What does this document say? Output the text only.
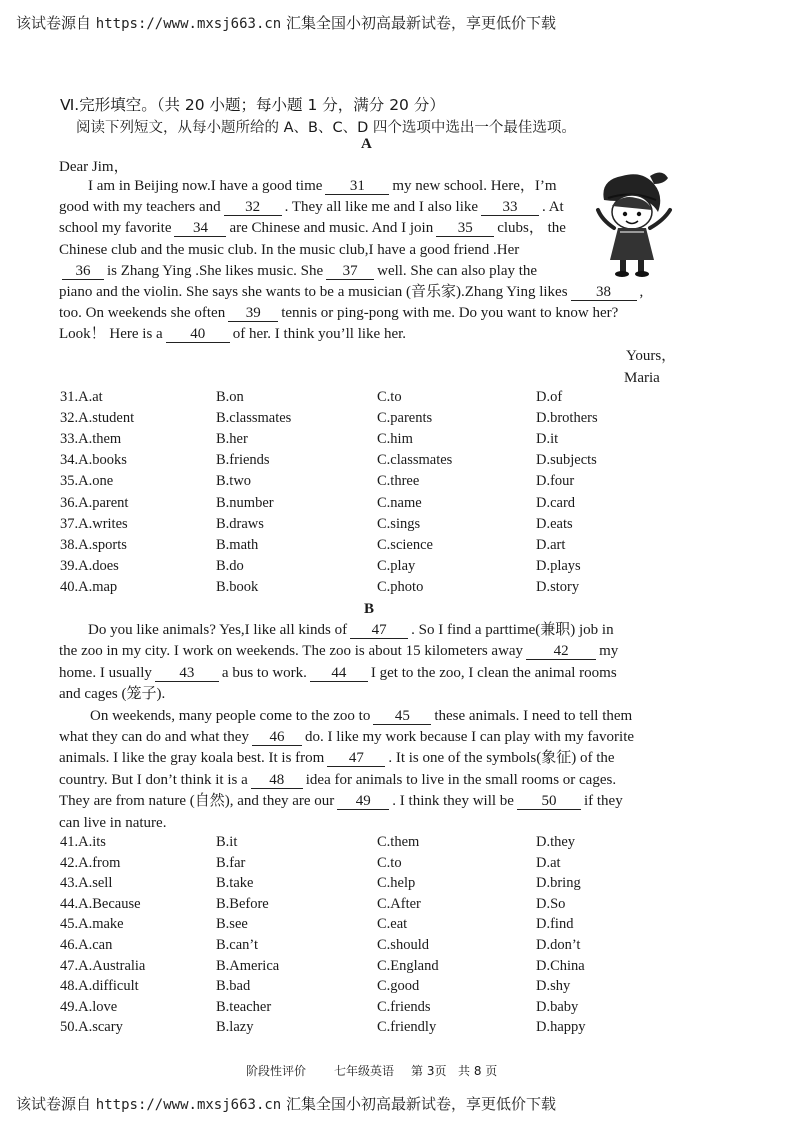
该试卷源自 https://www.mxsj663.cn 汇集全国小初高最新试卷，享更低价下载
Ⅵ.完形填空。（共 20 小题；每小题 1 分，满分 20 分）
阅读下列短文，从每小题所给的 A、B、C、D 四个选项中选出一个最佳选项。
A
Dear Jim，
I am in Beijing now.I have a good time 31 my new school. Here，I’m
good with my teachers and 32 . They all like me and I also like 33 . At
school my favorite 34 are Chinese and music. And I join 35 clubs， the
Chinese club and the music club. In the music club,I have a good friend .Her
36 is Zhang Ying .She likes music. She 37 well. She can also play the
piano and the violin. She says she wants to be a musician (音乐家).Zhang Ying likes 38 ,
too. On weekends she often 39 tennis or ping-pong with me. Do you want to know her?
Look！ Here is a 40 of her. I think you’ll like her.
Yours，
Maria
31.A.at	B.on	C.to	D.of
32.A.student	B.classmates	C.parents	D.brothers
33.A.them	B.her	C.him	D.it
34.A.books	B.friends	C.classmates	D.subjects
35.A.one	B.two	C.three	D.four
36.A.parent	B.number	C.name	D.card
37.A.writes	B.draws	C.sings	D.eats
38.A.sports	B.math	C.science	D.art
39.A.does	B.do	C.play	D.plays
40.A.map	B.book	C.photo	D.story
B
Do you like animals? Yes,I like all kinds of 47 . So I find a parttime(兼职) job in
the zoo in my city. I work on weekends. The zoo is about 15 kilometers away 42 my
home. I usually 43 a bus to work. 44 I get to the zoo, I clean the animal rooms
and cages (笼子).
On weekends, many people come to the zoo to 45 these animals. I need to tell them
what they can do and what they 46 do. I like my work because I can play with my favorite
animals. I like the gray koala best. It is from 47 . It is one of the symbols(象征) of the
country. But I don’t think it is a 48 idea for animals to live in the small rooms or cages.
They are from nature (自然), and they are our 49 . I think they will be 50 if they
can live in nature.
41.A.its	B.it	C.them	D.they
42.A.from	B.far	C.to	D.at
43.A.sell	B.take	C.help	D.bring
44.A.Because	B.Before	C.After	D.So
45.A.make	B.see	C.eat	D.find
46.A.can	B.can’t	C.should	D.don’t
47.A.Australia	B.America	C.England	D.China
48.A.difficult	B.bad	C.good	D.shy
49.A.love	B.teacher	C.friends	D.baby
50.A.scary	B.lazy	C.friendly	D.happy
阶段性评价 七年级英语 第 3页 共 8 页
该试卷源自 https://www.mxsj663.cn 汇集全国小初高最新试卷，享更低价下载
